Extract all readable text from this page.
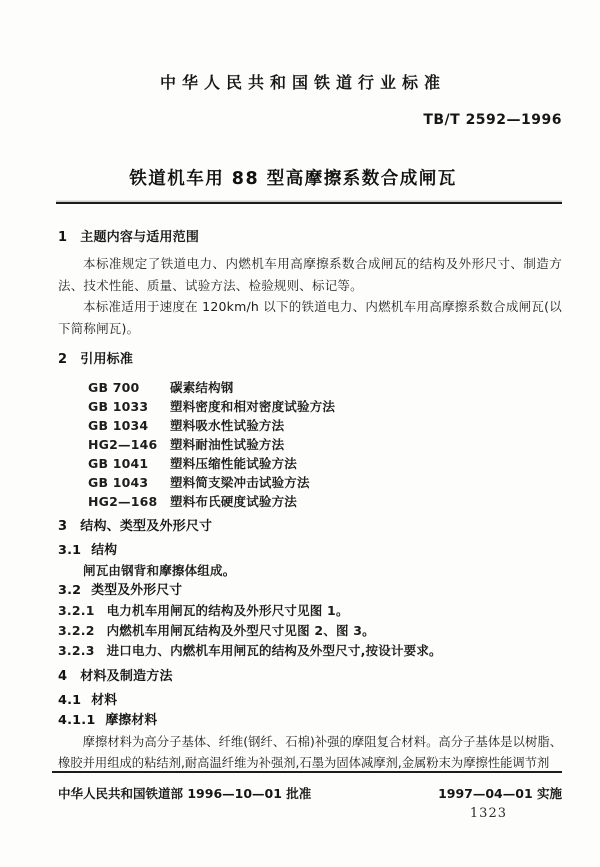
中华人民共和国铁道行业标准
TB/T 2592—1996
铁道机车用 88 型高摩擦系数合成闸瓦
1 主题内容与适用范围

本标准规定了铁道电力、内燃机车用高摩擦系数合成闸瓦的结构及外形尺寸、制造方法、技术性能、质量、试验方法、检验规则、标记等。

本标准适用于速度在 120km/h 以下的铁道电力、内燃机车用高摩擦系数合成闸瓦(以下简称闸瓦)。

2 引用标准
GB 700 碳素结构钢
GB 1033 塑料密度和相对密度试验方法
GB 1034 塑料吸水性试验方法
HG2—146 塑料耐油性试验方法
GB 1041 塑料压缩性能试验方法
GB 1043 塑料简支梁冲击试验方法
HG2—168 塑料布氏硬度试验方法
3 结构、类型及外形尺寸
3.1 结构
闸瓦由钢背和摩擦体组成。
3.2 类型及外形尺寸
3.2.1 电力机车用闸瓦的结构及外形尺寸见图 1。
3.2.2 内燃机车用闸瓦结构及外型尺寸见图 2、图 3。
3.2.3 进口电力、内燃机车用闸瓦的结构及外型尺寸,按设计要求。
4 材料及制造方法
4.1 材料
4.1.1 摩擦材料

摩擦材料为高分子基体、纤维(钢纤、石棉)补强的摩阻复合材料。高分子基体是以树脂、橡胶并用组成的粘结剂,耐高温纤维为补强剂,石墨为固体减摩剂,金属粉末为摩擦性能调节剂

中华人民共和国铁道部 1996—10—01 批准	1997—04—01 实施
1323
